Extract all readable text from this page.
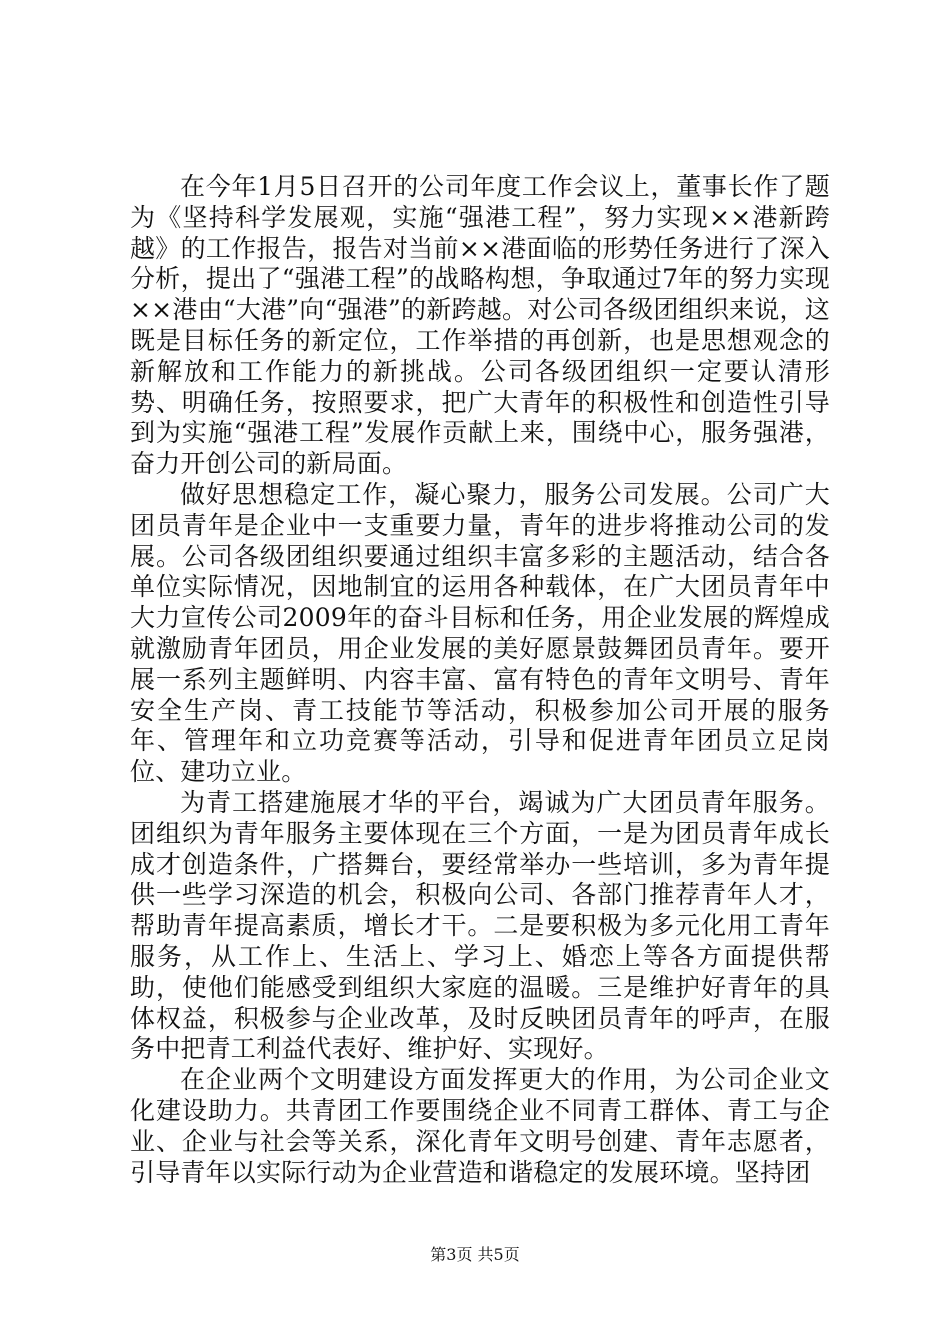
在今年1月5日召开的公司年度工作会议上，董事长作了题为《坚持科学发展观，实施“强港工程”，努力实现××港新跨越》的工作报告，报告对当前××港面临的形势任务进行了深入分析，提出了“强港工程”的战略构想，争取通过7年的努力实现××港由“大港”向“强港”的新跨越。对公司各级团组织来说，这既是目标任务的新定位，工作举措的再创新，也是思想观念的新解放和工作能力的新挑战。公司各级团组织一定要认清形势、明确任务，按照要求，把广大青年的积极性和创造性引导到为实施“强港工程”发展作贡献上来，围绕中心，服务强港，奋力开创公司的新局面。

做好思想稳定工作，凝心聚力，服务公司发展。公司广大团员青年是企业中一支重要力量，青年的进步将推动公司的发展。公司各级团组织要通过组织丰富多彩的主题活动，结合各单位实际情况，因地制宜的运用各种载体，在广大团员青年中大力宣传公司2009年的奋斗目标和任务，用企业发展的辉煌成就激励青年团员，用企业发展的美好愿景鼓舞团员青年。要开展一系列主题鲜明、内容丰富、富有特色的青年文明号、青年安全生产岗、青工技能节等活动，积极参加公司开展的服务年、管理年和立功竞赛等活动，引导和促进青年团员立足岗位、建功立业。

为青工搭建施展才华的平台，竭诚为广大团员青年服务。团组织为青年服务主要体现在三个方面，一是为团员青年成长成才创造条件，广搭舞台，要经常举办一些培训，多为青年提供一些学习深造的机会，积极向公司、各部门推荐青年人才，帮助青年提高素质，增长才干。二是要积极为多元化用工青年服务，从工作上、生活上、学习上、婚恋上等各方面提供帮助，使他们能感受到组织大家庭的温暖。三是维护好青年的具体权益，积极参与企业改革，及时反映团员青年的呼声，在服务中把青工利益代表好、维护好、实现好。

在企业两个文明建设方面发挥更大的作用，为公司企业文化建设助力。共青团工作要围绕企业不同青工群体、青工与企业、企业与社会等关系，深化青年文明号创建、青年志愿者，引导青年以实际行动为企业营造和谐稳定的发展环境。坚持团

第3页 共5页
